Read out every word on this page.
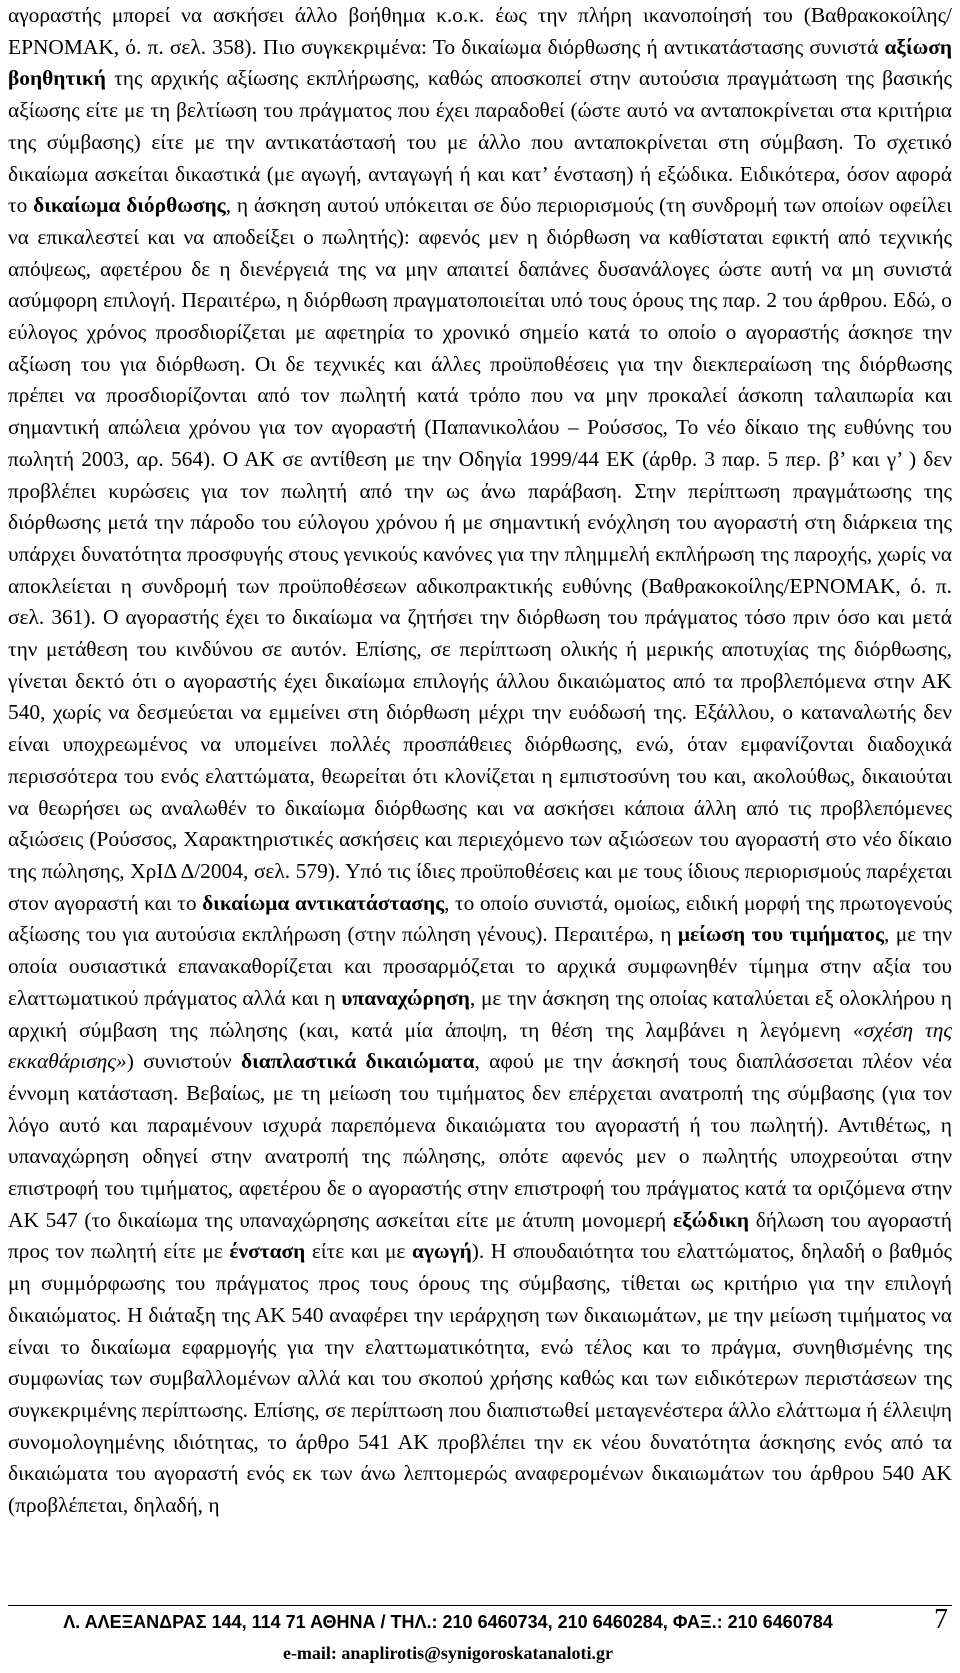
αγοραστής μπορεί να ασκήσει άλλο βοήθημα κ.ο.κ. έως την πλήρη ικανοποίησή του (Βαθρακοκοίλης/ΕΡΝΟΜΑΚ, ό. π. σελ. 358). Πιο συγκεκριμένα: Το δικαίωμα διόρθωσης ή αντικατάστασης συνιστά αξίωση βοηθητική της αρχικής αξίωσης εκπλήρωσης, καθώς αποσκοπεί στην αυτούσια πραγμάτωση της βασικής αξίωσης είτε με τη βελτίωση του πράγματος που έχει παραδοθεί (ώστε αυτό να ανταποκρίνεται στα κριτήρια της σύμβασης) είτε με την αντικατάστασή του με άλλο που ανταποκρίνεται στη σύμβαση. Το σχετικό δικαίωμα ασκείται δικαστικά (με αγωγή, ανταγωγή ή και κατ’ ένσταση) ή εξώδικα. Ειδικότερα, όσον αφορά το δικαίωμα διόρθωσης, η άσκηση αυτού υπόκειται σε δύο περιορισμούς (τη συνδρομή των οποίων οφείλει να επικαλεστεί και να αποδείξει ο πωλητής): αφενός μεν η διόρθωση να καθίσταται εφικτή από τεχνικής απόψεως, αφετέρου δε η διενέργειά της να μην απαιτεί δαπάνες δυσανάλογες ώστε αυτή να μη συνιστά ασύμφορη επιλογή. Περαιτέρω, η διόρθωση πραγματοποιείται υπό τους όρους της παρ. 2 του άρθρου. Εδώ, ο εύλογος χρόνος προσδιορίζεται με αφετηρία το χρονικό σημείο κατά το οποίο ο αγοραστής άσκησε την αξίωση του για διόρθωση. Οι δε τεχνικές και άλλες προϋποθέσεις για την διεκπεραίωση της διόρθωσης πρέπει να προσδιορίζονται από τον πωλητή κατά τρόπο που να μην προκαλεί άσκοπη ταλαιπωρία και σημαντική απώλεια χρόνου για τον αγοραστή (Παπανικολάου – Ρούσσος, Το νέο δίκαιο της ευθύνης του πωλητή 2003, αρ. 564). Ο ΑΚ σε αντίθεση με την Οδηγία 1999/44 ΕΚ (άρθρ. 3 παρ. 5 περ. β’ και γ’ ) δεν προβλέπει κυρώσεις για τον πωλητή από την ως άνω παράβαση. Στην περίπτωση πραγμάτωσης της διόρθωσης μετά την πάροδο του εύλογου χρόνου ή με σημαντική ενόχληση του αγοραστή στη διάρκεια της υπάρχει δυνατότητα προσφυγής στους γενικούς κανόνες για την πλημμελή εκπλήρωση της παροχής, χωρίς να αποκλείεται η συνδρομή των προϋποθέσεων αδικοπρακτικής ευθύνης (Βαθρακοκοίλης/ΕΡΝΟΜΑΚ, ό. π. σελ. 361). Ο αγοραστής έχει το δικαίωμα να ζητήσει την διόρθωση του πράγματος τόσο πριν όσο και μετά την μετάθεση του κινδύνου σε αυτόν. Επίσης, σε περίπτωση ολικής ή μερικής αποτυχίας της διόρθωσης, γίνεται δεκτό ότι ο αγοραστής έχει δικαίωμα επιλογής άλλου δικαιώματος από τα προβλεπόμενα στην ΑΚ 540, χωρίς να δεσμεύεται να εμμείνει στη διόρθωση μέχρι την ευόδωσή της. Εξάλλου, ο καταναλωτής δεν είναι υποχρεωμένος να υπομείνει πολλές προσπάθειες διόρθωσης, ενώ, όταν εμφανίζονται διαδοχικά περισσότερα του ενός ελαττώματα, θεωρείται ότι κλονίζεται η εμπιστοσύνη του και, ακολούθως, δικαιούται να θεωρήσει ως αναλωθέν το δικαίωμα διόρθωσης και να ασκήσει κάποια άλλη από τις προβλεπόμενες αξιώσεις (Ρούσσος, Χαρακτηριστικές ασκήσεις και περιεχόμενο των αξιώσεων του αγοραστή στο νέο δίκαιο της πώλησης, ΧρΙΔ Δ/2004, σελ. 579). Υπό τις ίδιες προϋποθέσεις και με τους ίδιους περιορισμούς παρέχεται στον αγοραστή και το δικαίωμα αντικατάστασης, το οποίο συνιστά, ομοίως, ειδική μορφή της πρωτογενούς αξίωσης του για αυτούσια εκπλήρωση (στην πώληση γένους). Περαιτέρω, η μείωση του τιμήματος, με την οποία ουσιαστικά επανακαθορίζεται και προσαρμόζεται το αρχικά συμφωνηθέν τίμημα στην αξία του ελαττωματικού πράγματος αλλά και η υπαναχώρηση, με την άσκηση της οποίας καταλύεται εξ ολοκλήρου η αρχική σύμβαση της πώλησης (και, κατά μία άποψη, τη θέση της λαμβάνει η λεγόμενη «σχέση της εκκαθάρισης») συνιστούν διαπλαστικά δικαιώματα, αφού με την άσκησή τους διαπλάσσεται πλέον νέα έννομη κατάσταση. Βεβαίως, με τη μείωση του τιμήματος δεν επέρχεται ανατροπή της σύμβασης (για τον λόγο αυτό και παραμένουν ισχυρά παρεπόμενα δικαιώματα του αγοραστή ή του πωλητή). Αντιθέτως, η υπαναχώρηση οδηγεί στην ανατροπή της πώλησης, οπότε αφενός μεν ο πωλητής υποχρεούται στην επιστροφή του τιμήματος, αφετέρου δε ο αγοραστής στην επιστροφή του πράγματος κατά τα οριζόμενα στην ΑΚ 547 (το δικαίωμα της υπαναχώρησης ασκείται είτε με άτυπη μονομερή εξώδικη δήλωση του αγοραστή προς τον πωλητή είτε με ένσταση είτε και με αγωγή). Η σπουδαιότητα του ελαττώματος, δηλαδή ο βαθμός μη συμμόρφωσης του πράγματος προς τους όρους της σύμβασης, τίθεται ως κριτήριο για την επιλογή δικαιώματος. Η διάταξη της ΑΚ 540 αναφέρει την ιεράρχηση των δικαιωμάτων, με την μείωση τιμήματος να είναι το δικαίωμα εφαρμογής για την ελαττωματικότητα, ενώ τέλος και το πράγμα, συνηθισμένης της συμφωνίας των συμβαλλομένων αλλά και του σκοπού χρήσης καθώς και των ειδικότερων περιστάσεων της συγκεκριμένης περίπτωσης. Επίσης, σε περίπτωση που διαπιστωθεί μεταγενέστερα άλλο ελάττωμα ή έλλειψη συνομολογημένης ιδιότητας, το άρθρο 541 ΑΚ προβλέπει την εκ νέου δυνατότητα άσκησης ενός από τα δικαιώματα του αγοραστή ενός εκ των άνω λεπτομερώς αναφερομένων δικαιωμάτων του άρθρου 540 ΑΚ (προβλέπεται, δηλαδή, η

Λ. ΑΛΕΞΑΝΔΡΑΣ 144, 114 71 ΑΘΗΝΑ / ΤΗΛ.: 210 6460734, 210 6460284, ΦΑΞ.: 210 6460784
e-mail: anaplirotis@synigoroskatanaloti.gr
7
